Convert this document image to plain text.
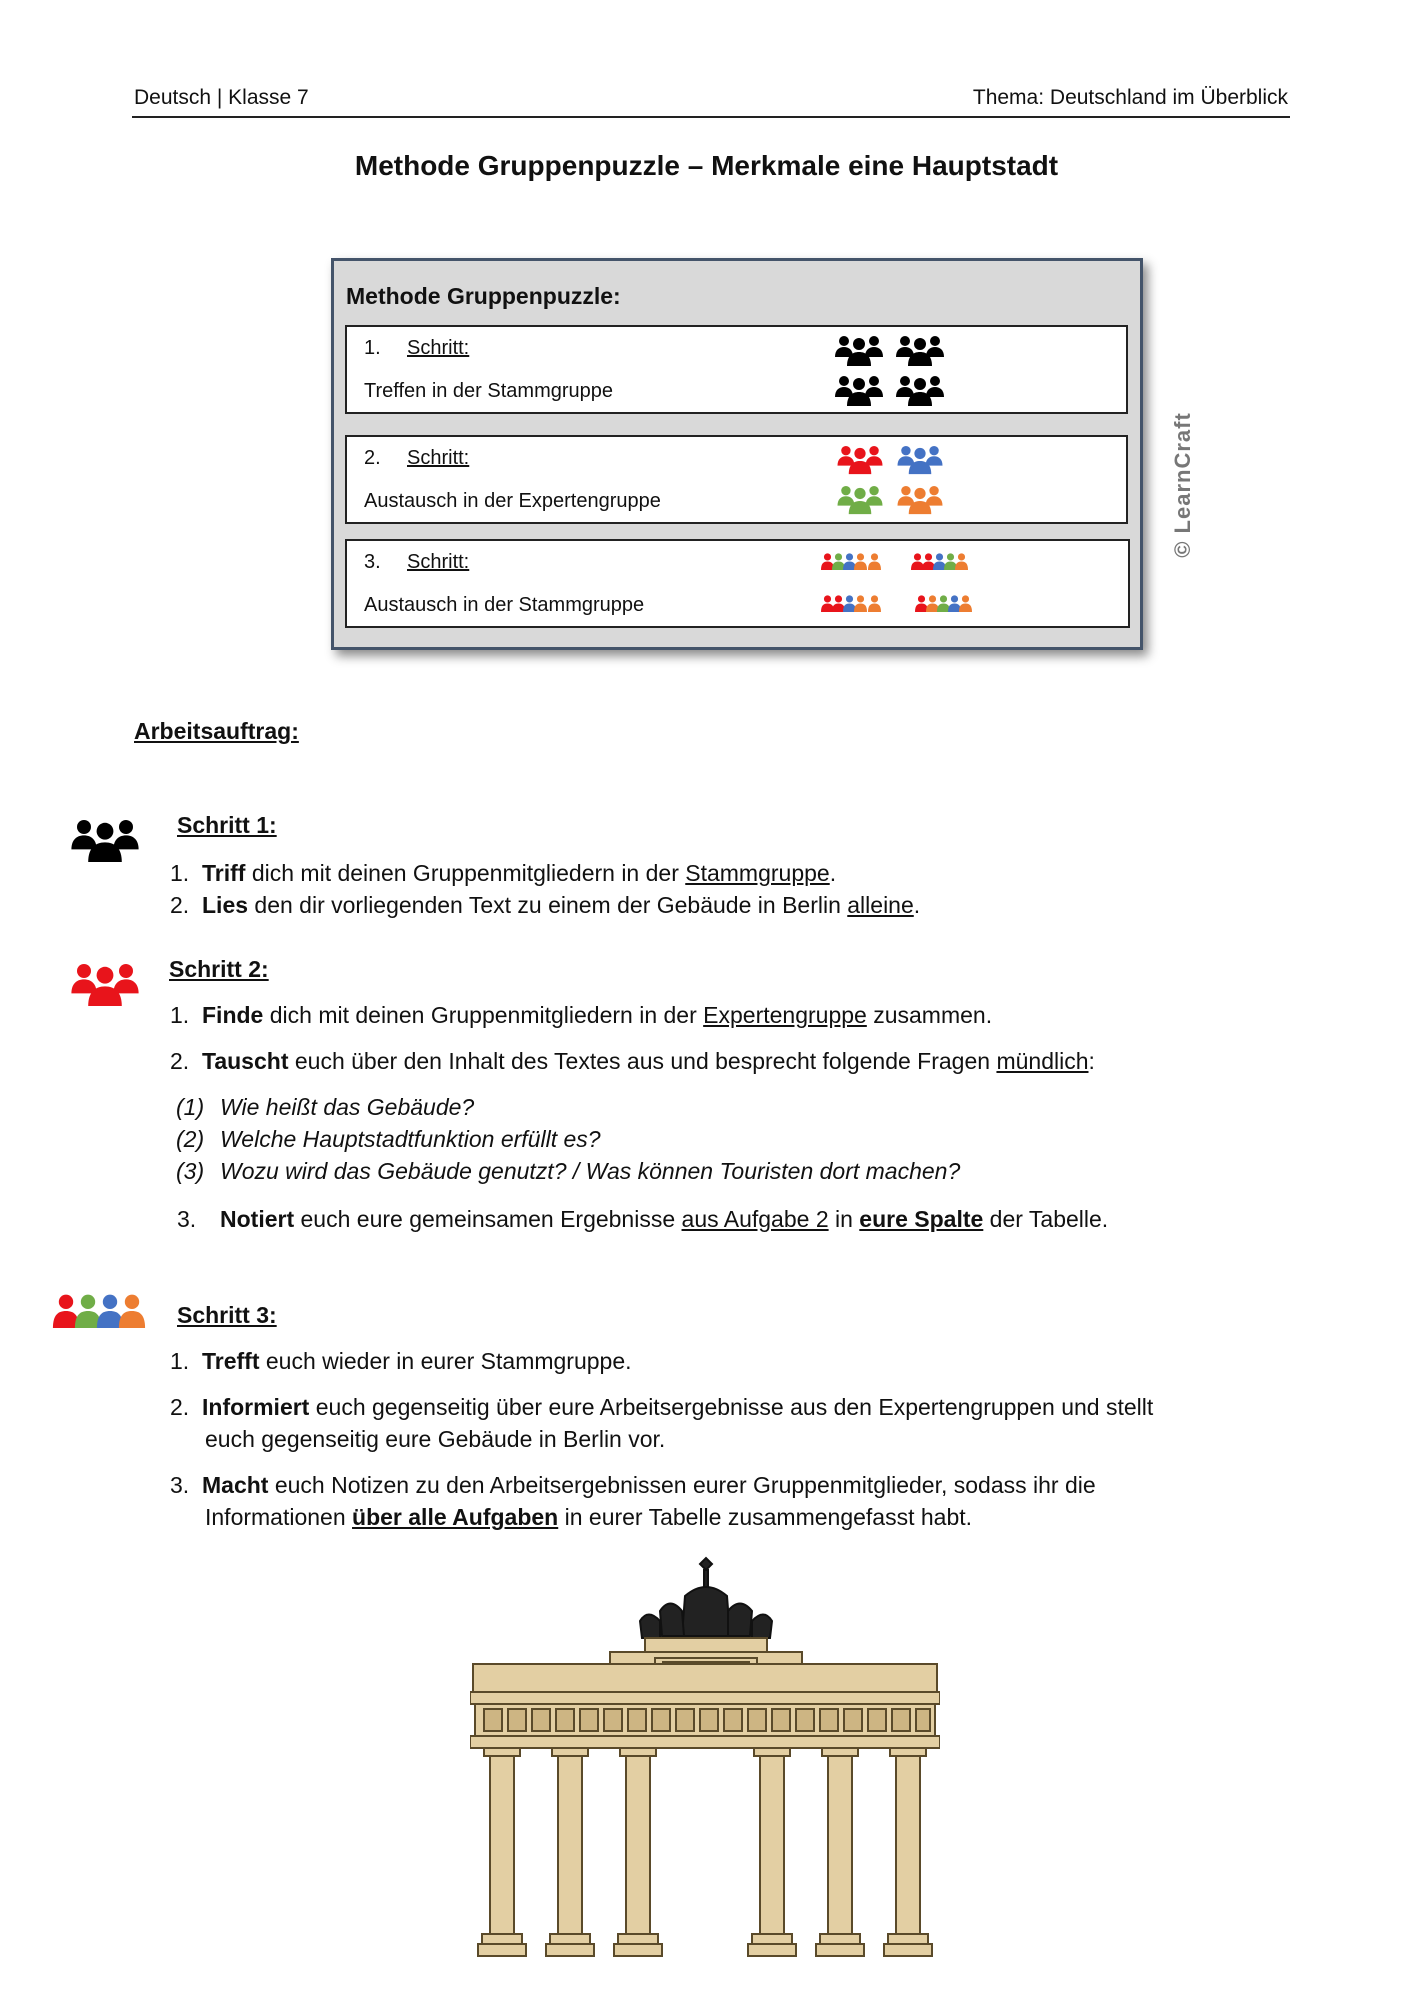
Deutsch | Klasse 7	Thema: Deutschland im Überblick
Methode Gruppenpuzzle – Merkmale eine Hauptstadt
Methode Gruppenpuzzle:
1. Schritt:
Treffen in der Stammgruppe
2. Schritt:
Austausch in der Expertengruppe
3. Schritt:
Austausch in der Stammgruppe
© LearnCraft
Arbeitsauftrag:
Schritt 1:
1. Triff dich mit deinen Gruppenmitgliedern in der Stammgruppe.
2. Lies den dir vorliegenden Text zu einem der Gebäude in Berlin alleine.
Schritt 2:
1. Finde dich mit deinen Gruppenmitgliedern in der Expertengruppe zusammen.
2. Tauscht euch über den Inhalt des Textes aus und besprecht folgende Fragen mündlich:
(1) Wie heißt das Gebäude?
(2) Welche Hauptstadtfunktion erfüllt es?
(3) Wozu wird das Gebäude genutzt? / Was können Touristen dort machen?
3. Notiert euch eure gemeinsamen Ergebnisse aus Aufgabe 2 in eure Spalte der Tabelle.
Schritt 3:
1. Trefft euch wieder in eurer Stammgruppe.
2. Informiert euch gegenseitig über eure Arbeitsergebnisse aus den Expertengruppen und stellt
euch gegenseitig eure Gebäude in Berlin vor.
3. Macht euch Notizen zu den Arbeitsergebnissen eurer Gruppenmitglieder, sodass ihr die
Informationen über alle Aufgaben in eurer Tabelle zusammengefasst habt.
